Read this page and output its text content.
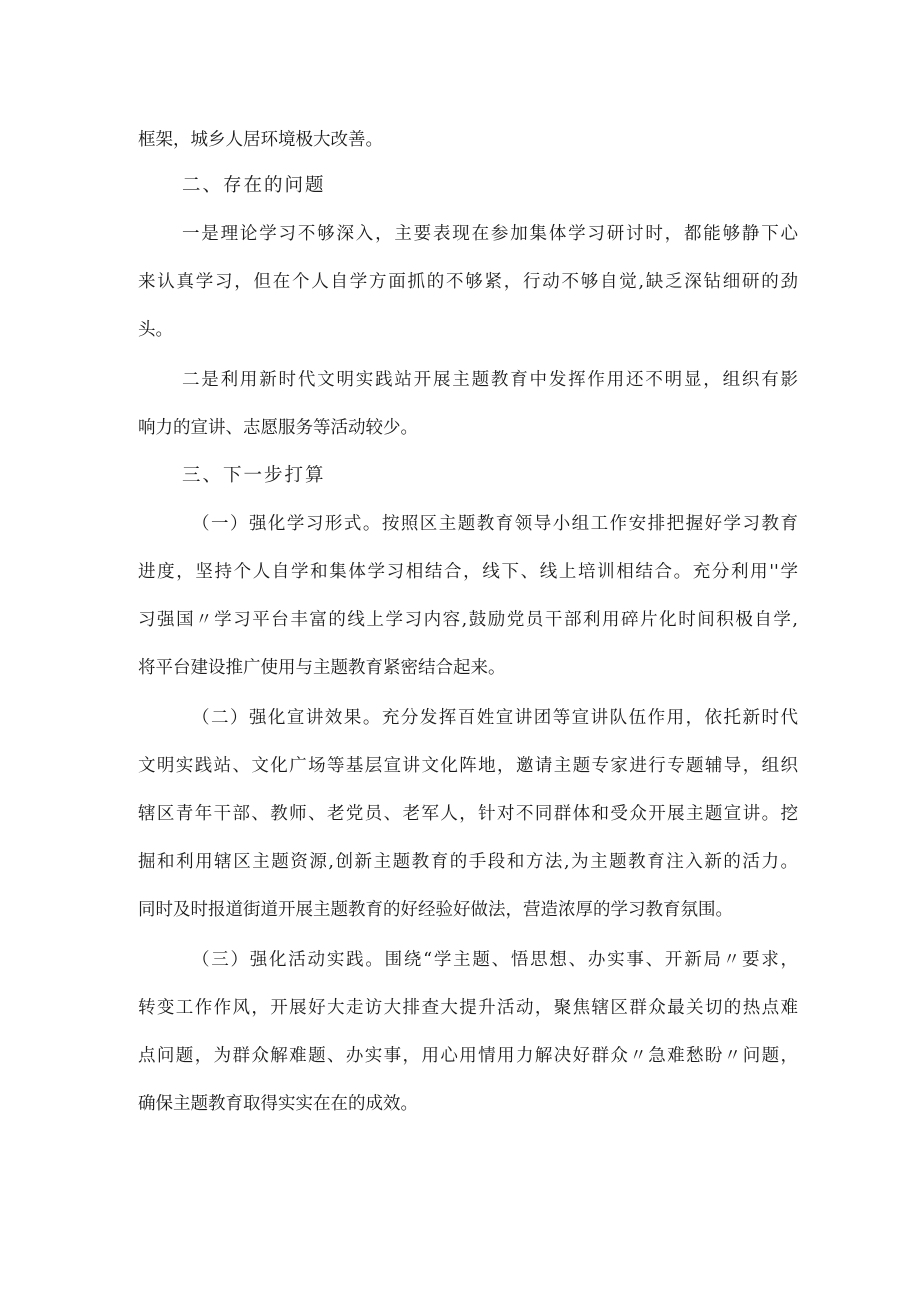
框架，城乡人居环境极大改善。
二、存在的问题
一是理论学习不够深入，主要表现在参加集体学习研讨时，都能够静下心
来认真学习，但在个人自学方面抓的不够紧，行动不够自觉,缺乏深钻细研的劲
头。
二是利用新时代文明实践站开展主题教育中发挥作用还不明显，组织有影
响力的宣讲、志愿服务等活动较少。
三、下一步打算
（一）强化学习形式。按照区主题教育领导小组工作安排把握好学习教育
进度，坚持个人自学和集体学习相结合，线下、线上培训相结合。充分利用''学
习强国〃学习平台丰富的线上学习内容,鼓励党员干部利用碎片化时间积极自学,
将平台建设推广使用与主题教育紧密结合起来。
（二）强化宣讲效果。充分发挥百姓宣讲团等宣讲队伍作用，依托新时代
文明实践站、文化广场等基层宣讲文化阵地，邀请主题专家进行专题辅导，组织
辖区青年干部、教师、老党员、老军人，针对不同群体和受众开展主题宣讲。挖
掘和利用辖区主题资源,创新主题教育的手段和方法,为主题教育注入新的活力。
同时及时报道街道开展主题教育的好经验好做法，营造浓厚的学习教育氛围。
（三）强化活动实践。围绕“学主题、悟思想、办实事、开新局〃要求，
转变工作作风，开展好大走访大排查大提升活动，聚焦辖区群众最关切的热点难
点问题，为群众解难题、办实事，用心用情用力解决好群众〃急难愁盼〃问题，
确保主题教育取得实实在在的成效。
